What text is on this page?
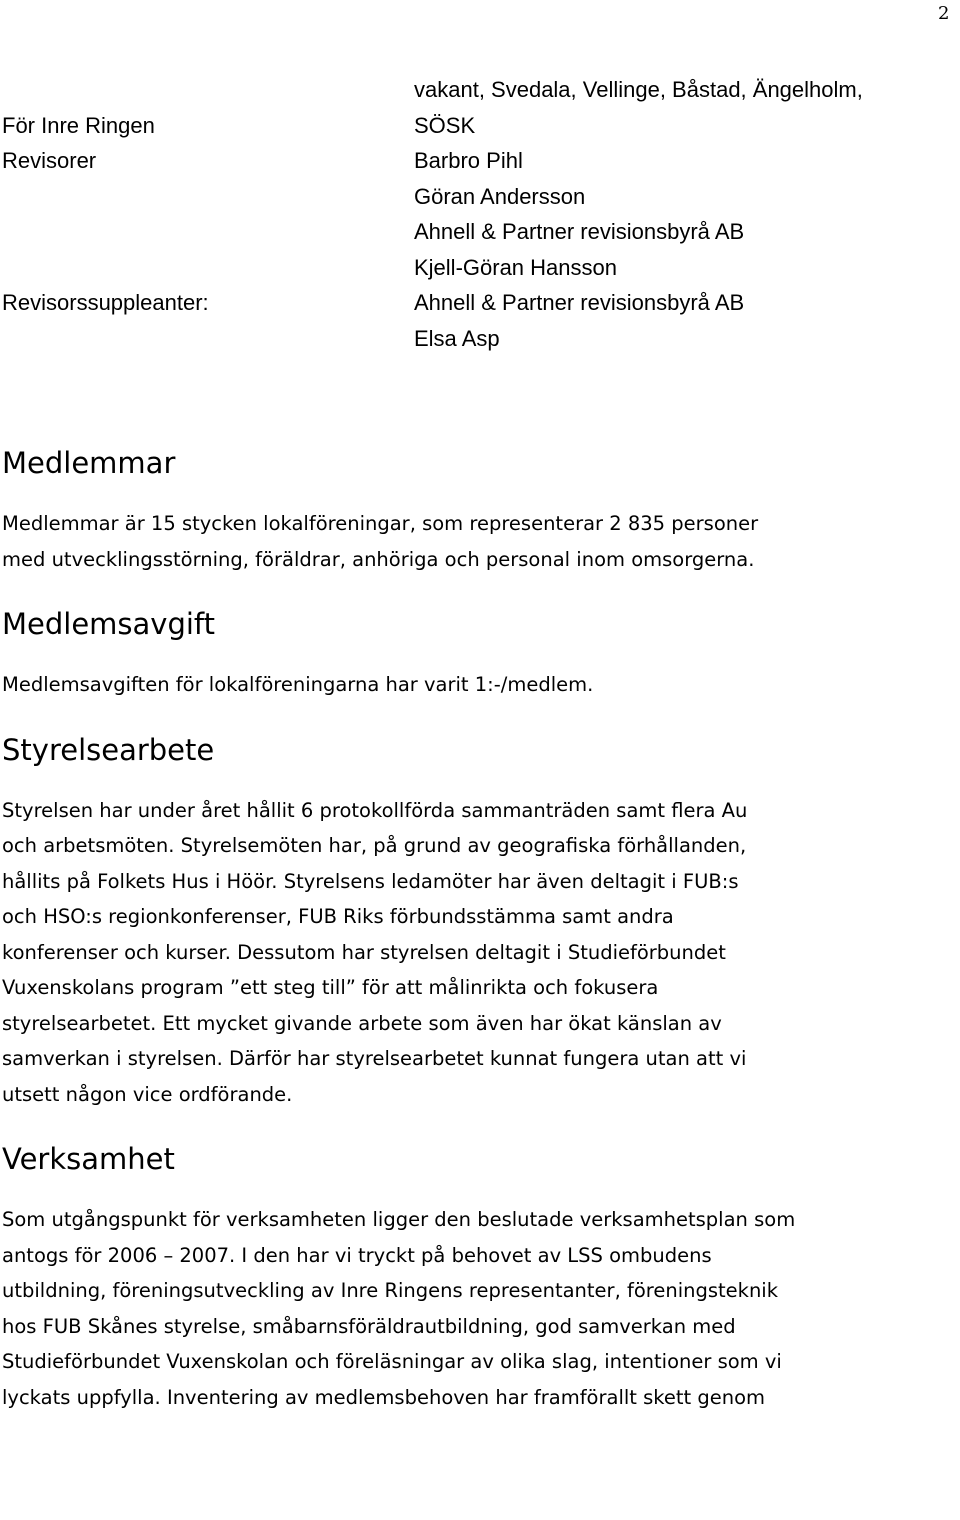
2
För Inre Ringen
Revisorer
vakant, Svedala, Vellinge, Båstad, Ängelholm,
SÖSK
Barbro Pihl
Göran Andersson
Ahnell & Partner revisionsbyrå AB
Kjell-Göran Hansson
Revisorssuppleanter:	Ahnell & Partner revisionsbyrå AB
Elsa Asp
Medlemmar

Medlemmar är 15 stycken lokalföreningar, som representerar 2 835 personer

med utvecklingsstörning, föräldrar, anhöriga och personal inom omsorgerna.

Medlemsavgift

Medlemsavgiften för lokalföreningarna har varit 1:-/medlem.

Styrelsearbete

Styrelsen har under året hållit 6 protokollförda sammanträden samt flera Au

och arbetsmöten. Styrelsemöten har, på grund av geografiska förhållanden,

hållits på Folkets Hus i Höör. Styrelsens ledamöter har även deltagit i FUB:s

och HSO:s regionkonferenser, FUB Riks förbundsstämma samt andra

konferenser och kurser. Dessutom har styrelsen deltagit i Studieförbundet

Vuxenskolans program ”ett steg till” för att målinrikta och fokusera

styrelsearbetet. Ett mycket givande arbete som även har ökat känslan av

samverkan i styrelsen. Därför har styrelsearbetet kunnat fungera utan att vi

utsett någon vice ordförande.

Verksamhet

Som utgångspunkt för verksamheten ligger den beslutade verksamhetsplan som

antogs för 2006 – 2007. I den har vi tryckt på behovet av LSS ombudens

utbildning, föreningsutveckling av Inre Ringens representanter, föreningsteknik

hos FUB Skånes styrelse, småbarnsföräldrautbildning, god samverkan med

Studieförbundet Vuxenskolan och föreläsningar av olika slag, intentioner som vi

lyckats uppfylla. Inventering av medlemsbehoven har framförallt skett genom
